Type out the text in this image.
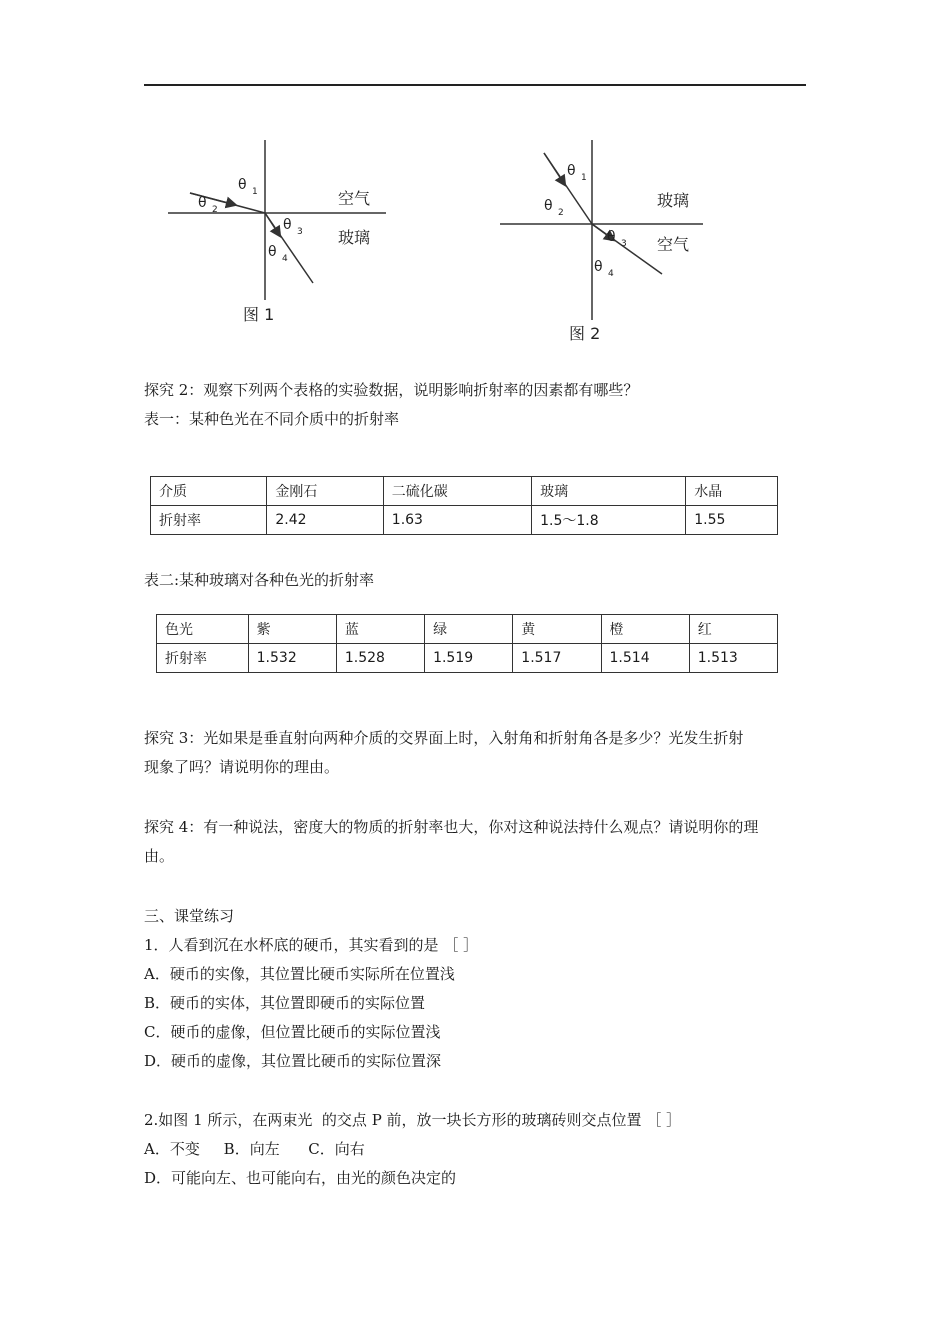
θ 1
θ 2
θ 3
θ 4
空气
玻璃
图 1
θ 1
θ 2
θ 3
θ 4
玻璃
空气
图 2
探究 2：观察下列两个表格的实验数据，说明影响折射率的因素都有哪些？
表一：某种色光在不同介质中的折射率
介质	金刚石	二硫化碳	玻璃	水晶
折射率	2.42	1.63	1.5～1.8	1.55
表二:某种玻璃对各种色光的折射率
色光	紫	蓝	绿	黄	橙	红
折射率	1.532	1.528	1.519	1.517	1.514	1.513
探究 3：光如果是垂直射向两种介质的交界面上时，入射角和折射角各是多少？光发生折射
现象了吗？请说明你的理由。
探究 4：有一种说法，密度大的物质的折射率也大，你对这种说法持什么观点？请说明你的理
由。
三、课堂练习
1．人看到沉在水杯底的硬币，其实看到的是 ［ ］
A．硬币的实像，其位置比硬币实际所在位置浅
B．硬币的实体，其位置即硬币的实际位置
C．硬币的虚像，但位置比硬币的实际位置浅
D．硬币的虚像，其位置比硬币的实际位置深
2.如图 1 所示，在两束光  的交点 P 前，放一块长方形的玻璃砖则交点位置 ［ ］
A．不变     B．向左      C．向右
D．可能向左、也可能向右，由光的颜色决定的
